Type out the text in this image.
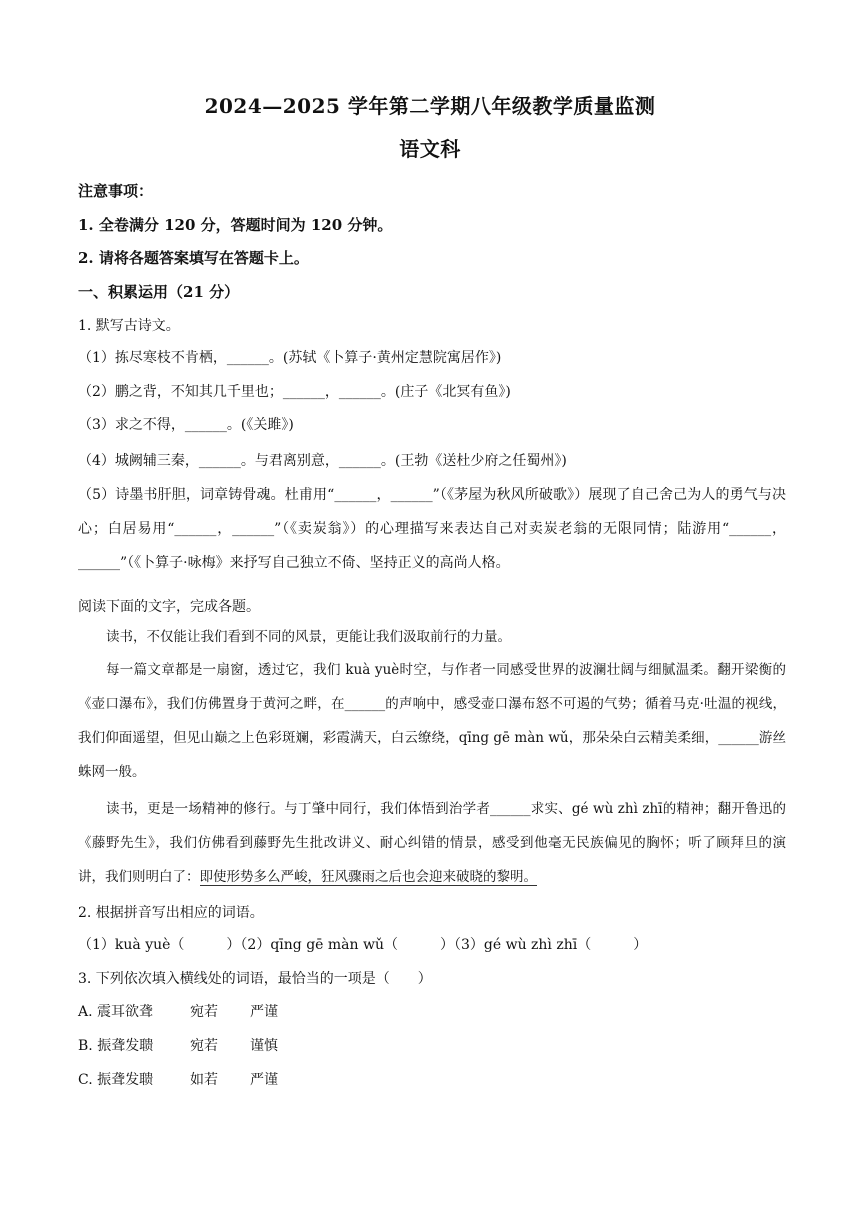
2024—2025 学年第二学期八年级教学质量监测
语文科
注意事项：
1. 全卷满分 120 分，答题时间为 120 分钟。
2. 请将各题答案填写在答题卡上。
一、积累运用（21 分）
1. 默写古诗文。
（1）拣尽寒枝不肯栖，______。(苏轼《卜算子·黄州定慧院寓居作》)
（2）鹏之背，不知其几千里也；______，______。(庄子《北冥有鱼》)
（3）求之不得，______。(《关雎》)
（4）城阙辅三秦，______。与君离别意，______。(王勃《送杜少府之任蜀州》)
（5）诗墨书肝胆，词章铸骨魂。杜甫用“______，______”（《茅屋为秋风所破歌》）展现了自己舍己为人的勇气与决心；白居易用“______，______”（《卖炭翁》）的心理描写来表达自己对卖炭老翁的无限同情；陆游用“______，______”（《卜算子·咏梅》来抒写自己独立不倚、坚持正义的高尚人格。
阅读下面的文字，完成各题。
读书，不仅能让我们看到不同的风景，更能让我们汲取前行的力量。
每一篇文章都是一扇窗，透过它，我们 kuà yuè时空，与作者一同感受世界的波澜壮阔与细腻温柔。翻开梁衡的《壶口瀑布》，我们仿佛置身于黄河之畔，在______的声响中，感受壶口瀑布怒不可遏的气势；循着马克·吐温的视线，我们仰面遥望，但见山巅之上色彩斑斓，彩霞满天，白云缭绕，qīng gē màn wǔ，那朵朵白云精美柔细，______游丝蛛网一般。
读书，更是一场精神的修行。与丁肇中同行，我们体悟到治学者______求实、gé wù zhì zhī的精神；翻开鲁迅的《藤野先生》，我们仿佛看到藤野先生批改讲义、耐心纠错的情景，感受到他毫无民族偏见的胸怀；听了顾拜旦的演讲，我们则明白了：即使形势多么严峻，狂风骤雨之后也会迎来破晓的黎明。
2. 根据拼音写出相应的词语。
（1）kuà yuè（　　　）（2）qīng gē màn wǔ（　　　）（3）gé wù zhì zhī（　　　）
3. 下列依次填入横线处的词语，最恰当的一项是（　　）
A. 震耳欲聋	宛若 严谨
B. 振聋发聩	宛若 谨慎
C. 振聋发聩	如若 严谨
